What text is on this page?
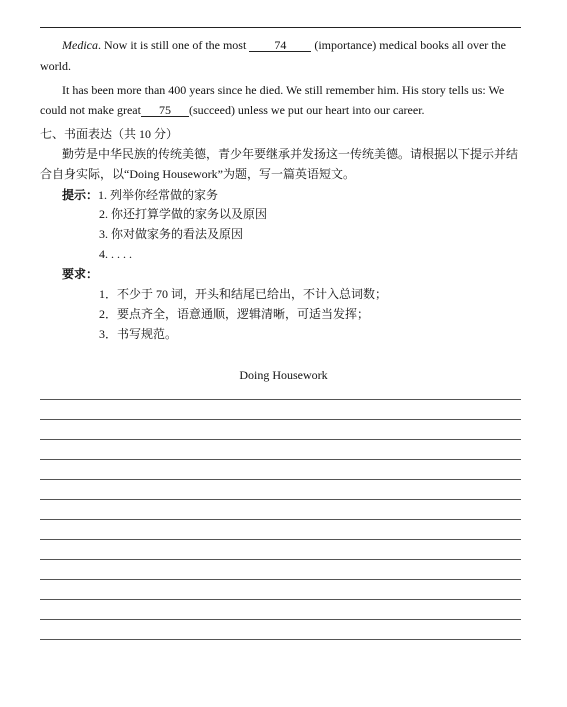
Medica. Now it is still one of the most 74 (importance) medical books all over the
world.
It has been more than 400 years since he died. We still remember him. His story tells us: We
could not make great 75 (succeed) unless we put our heart into our career.
七、书面表达（共 10 分）
勤劳是中华民族的传统美德，青少年要继承并发扬这一传统美德。请根据以下提示并结
合自身实际，以“Doing Housework”为题，写一篇英语短文。
提示：1. 列举你经常做的家务
2. 你还打算学做的家务以及原因
3. 你对做家务的看法及原因
4. . . . .
要求：
1．不少于 70 词，开头和结尾已给出，不计入总词数；
2．要点齐全，语意通顺，逻辑清晰，可适当发挥；
3．书写规范。
Doing Housework
